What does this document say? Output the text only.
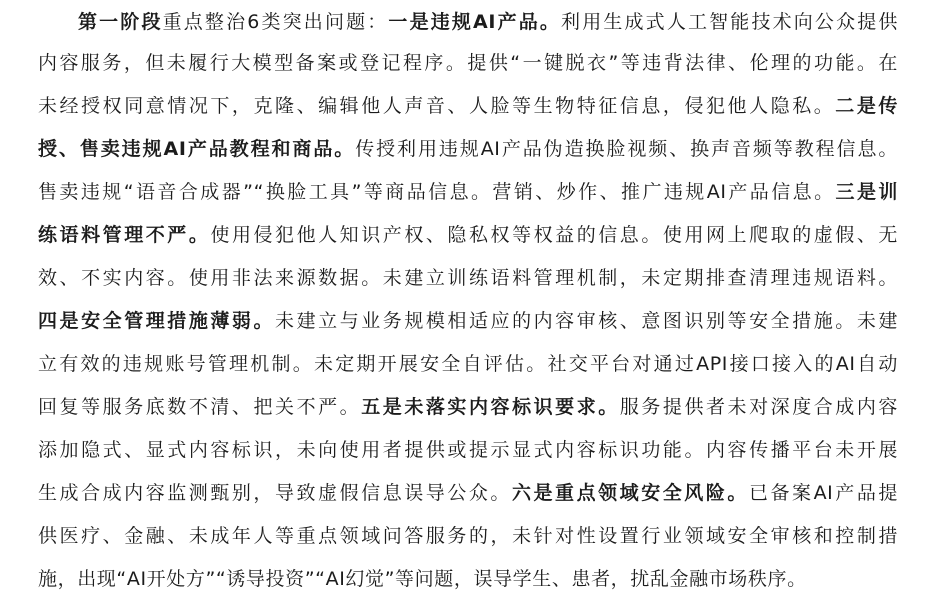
第一阶段重点整治6类突出问题：一是违规AI产品。利用生成式人工智能技术向公众提供
内容服务，但未履行大模型备案或登记程序。提供“一键脱衣”等违背法律、伦理的功能。在
未经授权同意情况下，克隆、编辑他人声音、人脸等生物特征信息，侵犯他人隐私。二是传
授、售卖违规AI产品教程和商品。传授利用违规AI产品伪造换脸视频、换声音频等教程信息。
售卖违规“语音合成器”“换脸工具”等商品信息。营销、炒作、推广违规AI产品信息。三是训
练语料管理不严。使用侵犯他人知识产权、隐私权等权益的信息。使用网上爬取的虚假、无
效、不实内容。使用非法来源数据。未建立训练语料管理机制，未定期排查清理违规语料。
四是安全管理措施薄弱。未建立与业务规模相适应的内容审核、意图识别等安全措施。未建
立有效的违规账号管理机制。未定期开展安全自评估。社交平台对通过API接口接入的AI自动
回复等服务底数不清、把关不严。五是未落实内容标识要求。服务提供者未对深度合成内容
添加隐式、显式内容标识，未向使用者提供或提示显式内容标识功能。内容传播平台未开展
生成合成内容监测甄别，导致虚假信息误导公众。六是重点领域安全风险。已备案AI产品提
供医疗、金融、未成年人等重点领域问答服务的，未针对性设置行业领域安全审核和控制措
施，出现“AI开处方”“诱导投资”“AI幻觉”等问题，误导学生、患者，扰乱金融市场秩序。
